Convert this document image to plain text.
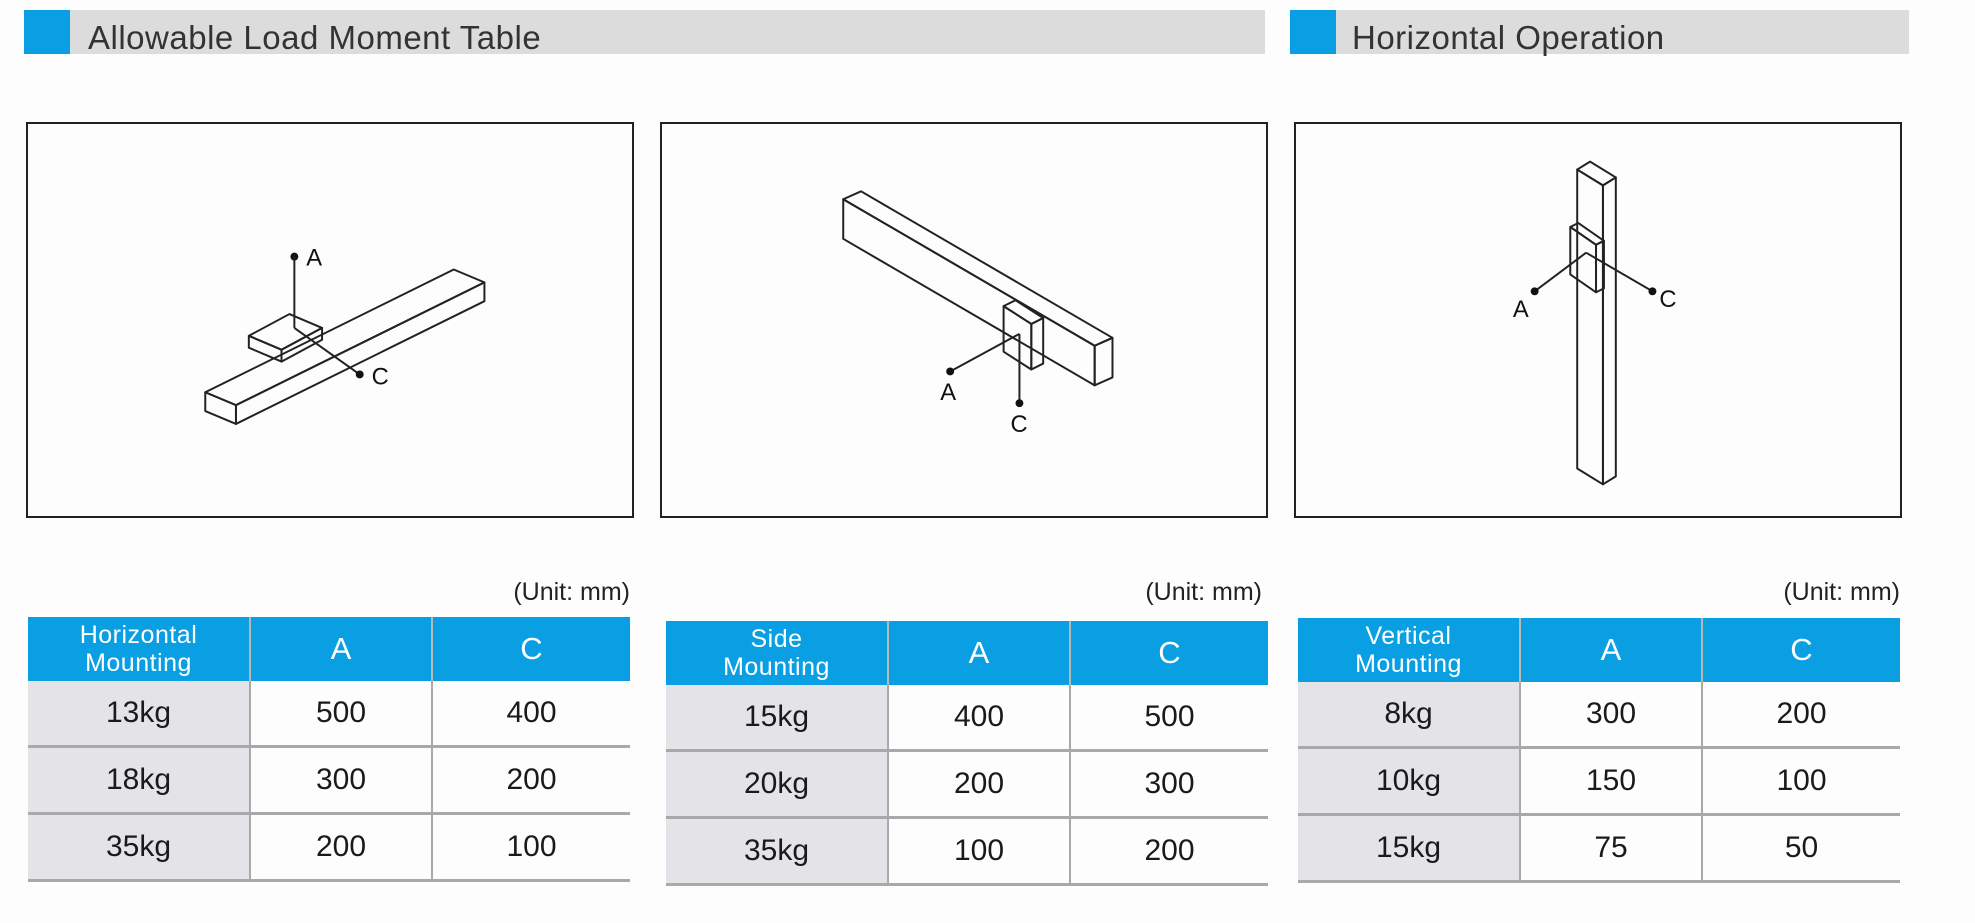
Allowable Load Moment Table	Horizontal Operation
A
C
A
C
A	C
(Unit: mm)	(Unit: mm)	(Unit: mm)
Horizontal
Mounting	A	C
13kg	500	400
18kg	300	200
35kg	200	100
Side
Mounting	A	C
15kg	400	500
20kg	200	300
35kg	100	200
Vertical
Mounting	A	C
8kg	300	200
10kg	150	100
15kg	75	50
